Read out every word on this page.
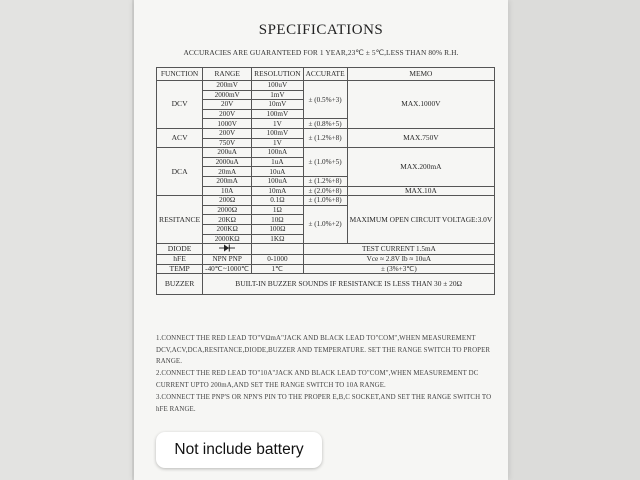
SPECIFICATIONS
ACCURACIES ARE GUARANTEED FOR 1 YEAR,23℃ ± 5℃,LESS THAN 80% R.H.
FUNCTION	RANGE	RESOLUTION	ACCURATE	MEMO
DCV	200mV	100uV	± (0.5%+3)	MAX.1000V
	2000mV	1mV		
	20V	10mV		
	200V	100mV		
	1000V	1V	± (0.8%+5)	
ACV	200V	100mV	± (1.2%+8)	MAX.750V
	750V	1V		
DCA	200uA	100nA	± (1.0%+5)	MAX.200mA
	2000uA	1uA		
	20mA	10uA		
	200mA	100uA	± (1.2%+8)	
	10A	10mA	± (2.0%+8)	MAX.10A
RESITANCE	200Ω	0.1Ω	± (1.0%+8)	MAXIMUM OPEN CIRCUIT VOLTAGE:3.0V
	2000Ω	1Ω	± (1.0%+2)	
	20KΩ	10Ω		
	200KΩ	100Ω		
	2000KΩ	1KΩ		
DIODE			TEST CURRENT 1.5mA	
hFE	NPN PNP	0-1000	Vce ≈ 2.8V Ib ≈ 10uA	
TEMP	-40℃~1000℃	1℃	± (3%+3℃)	
BUZZER	BUILT-IN BUZZER SOUNDS IF RESISTANCE IS LESS THAN 30 ± 20Ω			

1.CONNECT THE RED LEAD TO"VΩmA"JACK AND BLACK LEAD TO"COM",WHEN MEASUREMENT DCV,ACV,DCA,RESITANCE,DIODE,BUZZER AND TEMPERATURE. SET THE RANGE SWITCH TO PROPER RANGE.

2.CONNECT THE RED LEAD TO"10A"JACK AND BLACK LEAD TO"COM",WHEN MEASUREMENT DC CURRENT UPTO 200mA,AND SET THE RANGE SWITCH TO 10A RANGE.

3.CONNECT THE PNP'S OR NPN'S PIN TO THE PROPER E,B,C SOCKET,AND SET THE RANGE SWITCH TO hFE RANGE.

Not include battery
